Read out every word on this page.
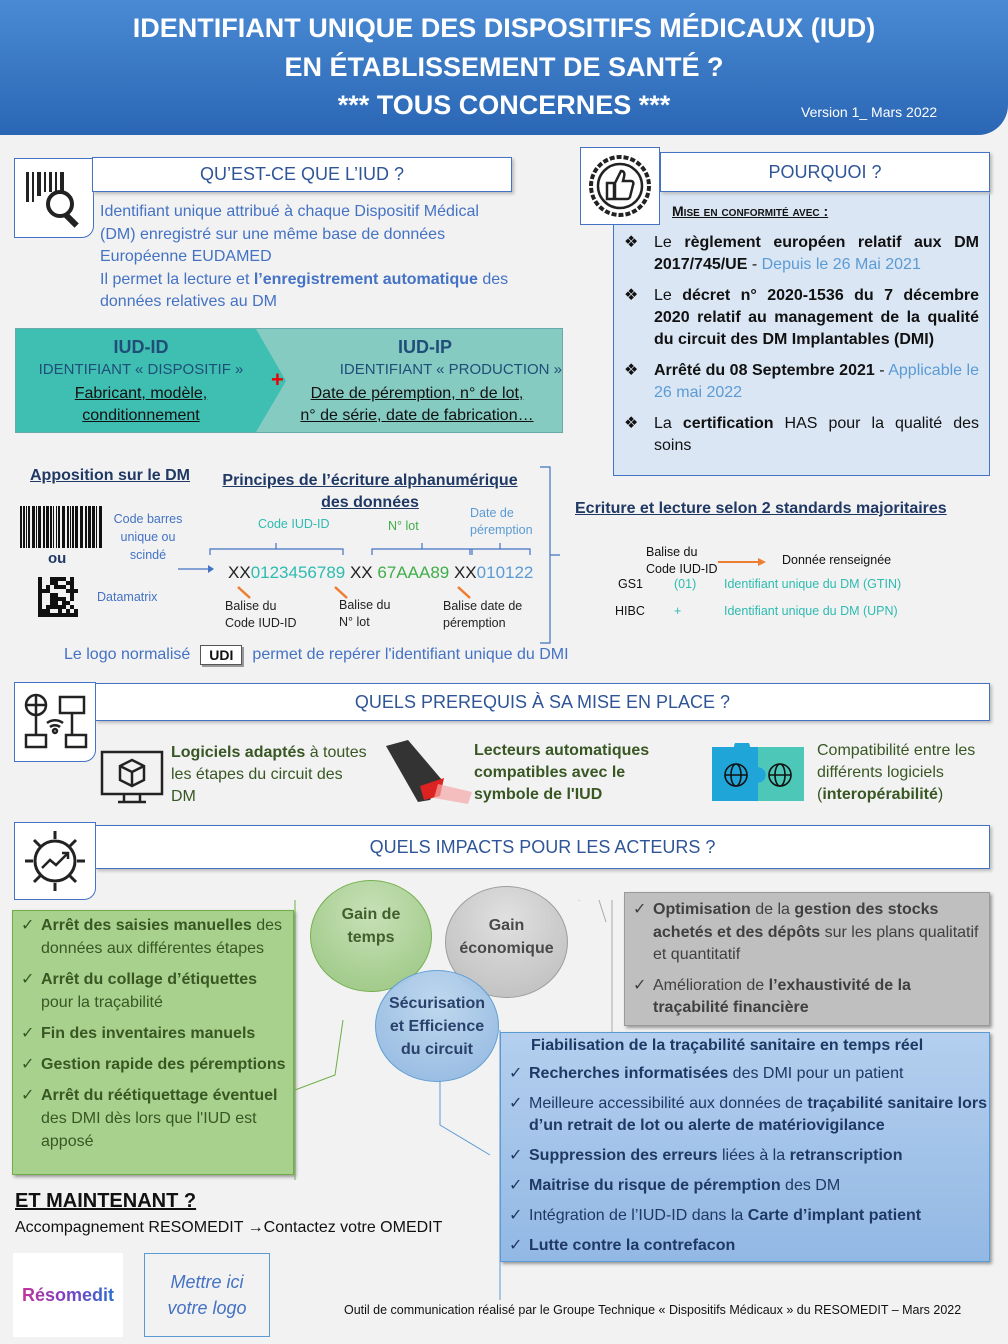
IDENTIFIANT UNIQUE DES DISPOSITIFS MÉDICAUX (IUD)
EN ÉTABLISSEMENT DE SANTÉ ?
*** TOUS CONCERNES ***	Version 1_ Mars 2022
QU’EST-CE QUE L’IUD ?
Identifiant unique attribué à chaque Dispositif Médical
(DM) enregistré sur une même base de données
Européenne EUDAMED
Il permet la lecture et l’enregistrement automatique des
données relatives au DM
IUD-ID
IDENTIFIANT « DISPOSITIF »
Fabricant, modèle,
conditionnement
+
IUD-IP
IDENTIFIANT « PRODUCTION »
Date de péremption, n° de lot,
n° de série, date de fabrication…
POURQUOI ?
Mise en conformité avec :
❖ Le règlement européen relatif aux DM 2017/745/UE - Depuis le 26 Mai 2021
❖ Le décret n° 2020-1536 du 7 décembre 2020 relatif au management de la qualité du circuit des DM Implantables (DMI)
❖ Arrêté du 08 Septembre 2021 - Applicable le 26 mai 2022
❖ La certification HAS pour la qualité des soins
Apposition sur le DM
Code barres unique ou scindé
ou
Datamatrix
Principes de l’écriture alphanumérique des données
Code IUD-ID	N° lot
Date de péremption
XX0123456789 XX 67AAA89 XX010122
Balise du Code IUD-ID
Balise du N° lot
Balise date de péremption
Ecriture et lecture selon 2 standards majoritaires
Balise du Code IUD-ID
Donnée renseignée
GS1 (01) Identifiant unique du DM (GTIN)
HIBC +	Identifiant unique du DM (UPN)
Le logo normalisé	UDI	permet de repérer l'identifiant unique du DMI
QUELS PREREQUIS À SA MISE EN PLACE ?
Logiciels adaptés à toutes les étapes du circuit des DM
Lecteurs automatiques compatibles avec le symbole de l'IUD
Compatibilité entre les différents logiciels (interopérabilité)
QUELS IMPACTS POUR LES ACTEURS ?
✓ Arrêt des saisies manuelles des données aux différentes étapes
✓ Arrêt du collage d’étiquettes pour la traçabilité
✓ Fin des inventaires manuels
✓ Gestion rapide des péremptions
✓ Arrêt du réétiquettage éventuel des DMI dès lors que l'IUD est apposé
Gain de temps
Gain économique
Sécurisation et Efficience du circuit
✓ Optimisation de la gestion des stocks achetés et des dépôts sur les plans qualitatif et quantitatif
✓ Amélioration de l’exhaustivité de la traçabilité financière
Fiabilisation de la traçabilité sanitaire en temps réel
✓ Recherches informatisées des DMI pour un patient
✓ Meilleure accessibilité aux données de traçabilité sanitaire lors d’un retrait de lot ou alerte de matériovigilance
✓ Suppression des erreurs liées à la retranscription
✓ Maitrise du risque de péremption des DM
✓ Intégration de l’IUD-ID dans la Carte d’implant patient
✓ Lutte contre la contrefacon
ET MAINTENANT ?
Accompagnement RESOMEDIT →Contactez votre OMEDIT
Résomedit
Mettre ici votre logo	Outil de communication réalisé par le Groupe Technique « Dispositifs Médicaux » du RESOMEDIT – Mars 2022
